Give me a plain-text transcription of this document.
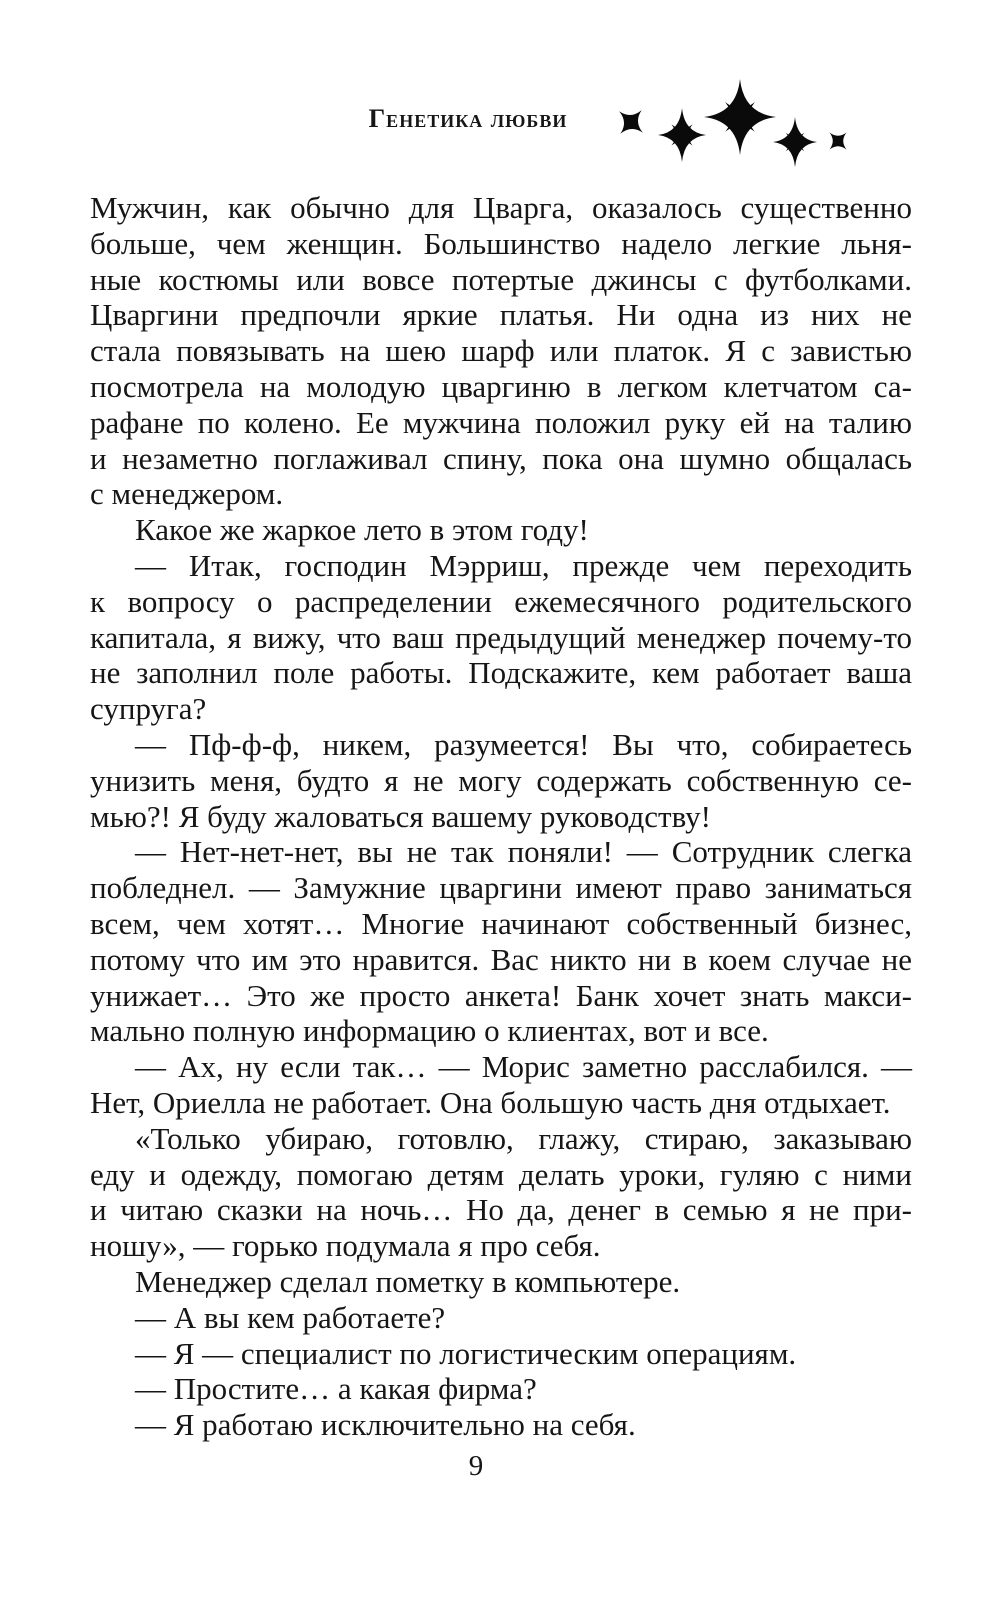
Генетика любви
Мужчин, как обычно для Цварга, оказалось существенно
больше, чем женщин. Большинство надело легкие льня-
ные костюмы или вовсе потертые джинсы с футболками.
Цваргини предпочли яркие платья. Ни одна из них не
стала повязывать на шею шарф или платок. Я с завистью
посмотрела на молодую цваргиню в легком клетчатом са-
рафане по колено. Ее мужчина положил руку ей на талию
и незаметно поглаживал спину, пока она шумно общалась
с менеджером.
Какое же жаркое лето в этом году!
— Итак, господин Мэрриш, прежде чем переходить
к вопросу о распределении ежемесячного родительского
капитала, я вижу, что ваш предыдущий менеджер почему-то
не заполнил поле работы. Подскажите, кем работает ваша
супруга?
— Пф-ф-ф, никем, разумеется! Вы что, собираетесь
унизить меня, будто я не могу содержать собственную се-
мью?! Я буду жаловаться вашему руководству!
— Нет-нет-нет, вы не так поняли! — Сотрудник слегка
побледнел. — Замужние цваргини имеют право заниматься
всем, чем хотят… Многие начинают собственный бизнес,
потому что им это нравится. Вас никто ни в коем случае не
унижает… Это же просто анкета! Банк хочет знать макси-
мально полную информацию о клиентах, вот и все.
— Ах, ну если так… — Морис заметно расслабился. —
Нет, Ориелла не работает. Она большую часть дня отдыхает.
«Только убираю, готовлю, глажу, стираю, заказываю
еду и одежду, помогаю детям делать уроки, гуляю с ними
и читаю сказки на ночь… Но да, денег в семью я не при-
ношу», — горько подумала я про себя.
Менеджер сделал пометку в компьютере.
— А вы кем работаете?
— Я — специалист по логистическим операциям.
— Простите… а какая фирма?
— Я работаю исключительно на себя.
9
